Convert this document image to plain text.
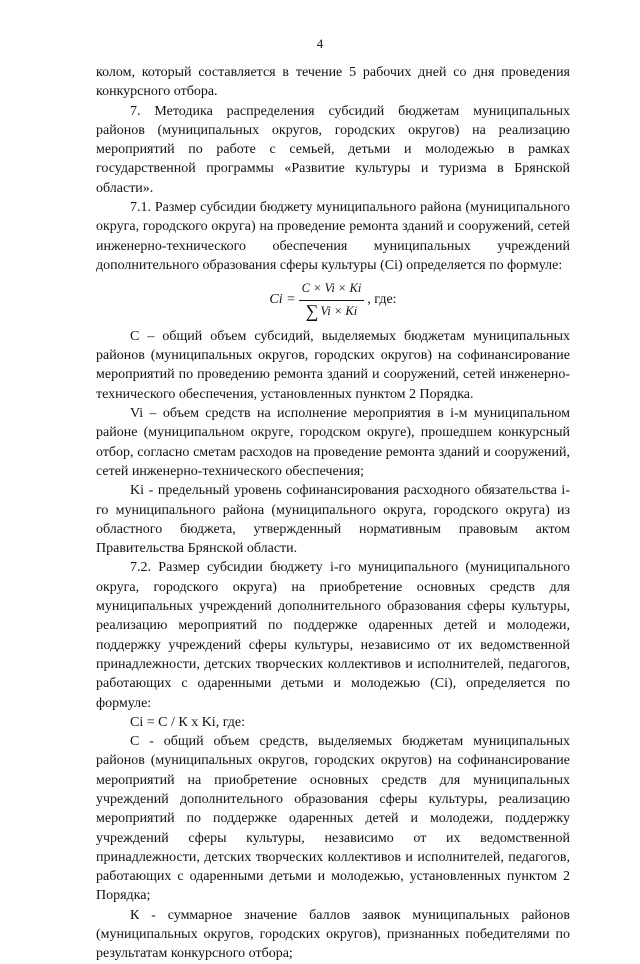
4

колом, который составляется в течение 5 рабочих дней со дня проведения конкурсного отбора.

7. Методика распределения субсидий бюджетам муниципальных районов (муниципальных округов, городских округов) на реализацию мероприятий по работе с семьей, детьми и молодежью в рамках государственной программы «Развитие культуры и туризма в Брянской области».

7.1. Размер субсидии бюджету муниципального района (муниципального округа, городского округа) на проведение ремонта зданий и сооружений, сетей инженерно-технического обеспечения муниципальных учреждений дополнительного образования сферы культуры (Ci) определяется по формуле:

$Ci = \frac{C \times Vi \times Ki}{\sum Vi \times Ki}$ , где:

С – общий объем субсидий, выделяемых бюджетам муниципальных районов (муниципальных округов, городских округов) на софинансирование мероприятий по проведению ремонта зданий и сооружений, сетей инженерно-технического обеспечения, установленных пунктом 2 Порядка.

Vi – объем средств на исполнение мероприятия в i-м муниципальном районе (муниципальном округе, городском округе), прошедшем конкурсный отбор, согласно сметам расходов на проведение ремонта зданий и сооружений, сетей инженерно-технического обеспечения;

Ki - предельный уровень софинансирования расходного обязательства i-го муниципального района (муниципального округа, городского округа) из областного бюджета, утвержденный нормативным правовым актом Правительства Брянской области.

7.2. Размер субсидии бюджету i-го муниципального (муниципального округа, городского округа) на приобретение основных средств для муниципальных учреждений дополнительного образования сферы культуры, реализацию мероприятий по поддержке одаренных детей и молодежи, поддержку учреждений сферы культуры, независимо от их ведомственной принадлежности, детских творческих коллективов и исполнителей, педагогов, работающих с одаренными детьми и молодежью (Ci), определяется по формуле:

Ci = С / К х Ki, где:

С - общий объем средств, выделяемых бюджетам муниципальных районов (муниципальных округов, городских округов) на софинансирование мероприятий на приобретение основных средств для муниципальных учреждений дополнительного образования сферы культуры, реализацию мероприятий по поддержке одаренных детей и молодежи, поддержку учреждений сферы культуры, независимо от их ведомственной принадлежности, детских творческих коллективов и исполнителей, педагогов, работающих с одаренными детьми и молодежью, установленных пунктом 2 Порядка;

К - суммарное значение баллов заявок муниципальных районов (муниципальных округов, городских округов), признанных победителями по результатам конкурсного отбора;
